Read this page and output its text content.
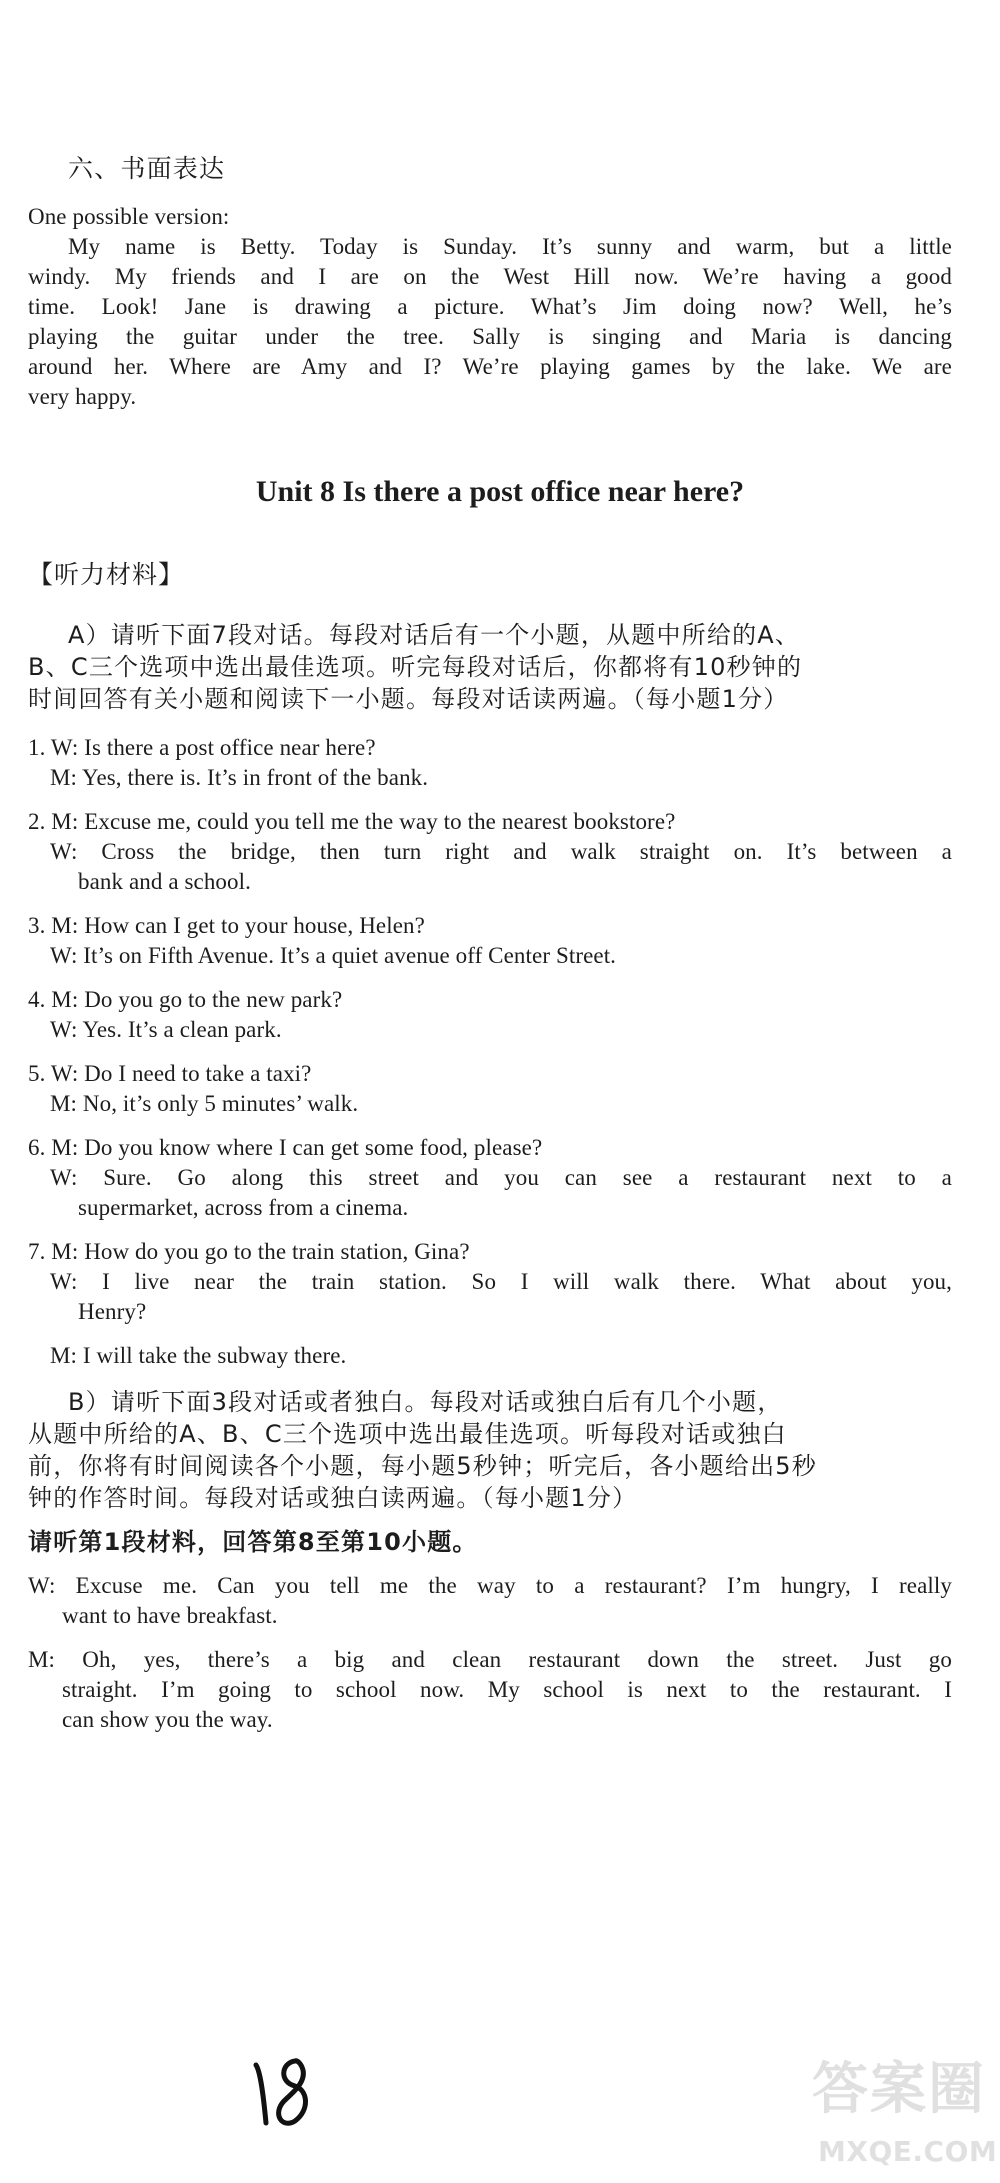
六、书面表达
One possible version:
My name is Betty. Today is Sunday. It’s sunny and warm, but a little
windy. My friends and I are on the West Hill now. We’re having a good
time. Look! Jane is drawing a picture. What’s Jim doing now? Well, he’s
playing the guitar under the tree. Sally is singing and Maria is dancing
around her. Where are Amy and I? We’re playing games by the lake. We are
very happy.
Unit 8 Is there a post office near here?
【听力材料】
A）请听下面7段对话。每段对话后有一个小题，从题中所给的A、
B、C三个选项中选出最佳选项。听完每段对话后，你都将有10秒钟的
时间回答有关小题和阅读下一小题。每段对话读两遍。（每小题1分）
1. W: Is there a post office near here?
M: Yes, there is. It’s in front of the bank.
2. M: Excuse me, could you tell me the way to the nearest bookstore?
W: Cross the bridge, then turn right and walk straight on. It’s between a
bank and a school.
3. M: How can I get to your house, Helen?
W: It’s on Fifth Avenue. It’s a quiet avenue off Center Street.
4. M: Do you go to the new park?
W: Yes. It’s a clean park.
5. W: Do I need to take a taxi?
M: No, it’s only 5 minutes’ walk.
6. M: Do you know where I can get some food, please?
W: Sure. Go along this street and you can see a restaurant next to a
supermarket, across from a cinema.
7. M: How do you go to the train station, Gina?
W: I live near the train station. So I will walk there. What about you,
Henry?
M: I will take the subway there.
B）请听下面3段对话或者独白。每段对话或独白后有几个小题，
从题中所给的A、B、C三个选项中选出最佳选项。听每段对话或独白
前，你将有时间阅读各个小题，每小题5秒钟；听完后，各小题给出5秒
钟的作答时间。每段对话或独白读两遍。（每小题1分）
请听第1段材料，回答第8至第10小题。
W: Excuse me. Can you tell me the way to a restaurant? I’m hungry, I really
want to have breakfast.
M: Oh, yes, there’s a big and clean restaurant down the street. Just go
straight. I’m going to school now. My school is next to the restaurant. I
can show you the way.
答案圈
MXQE.COM
